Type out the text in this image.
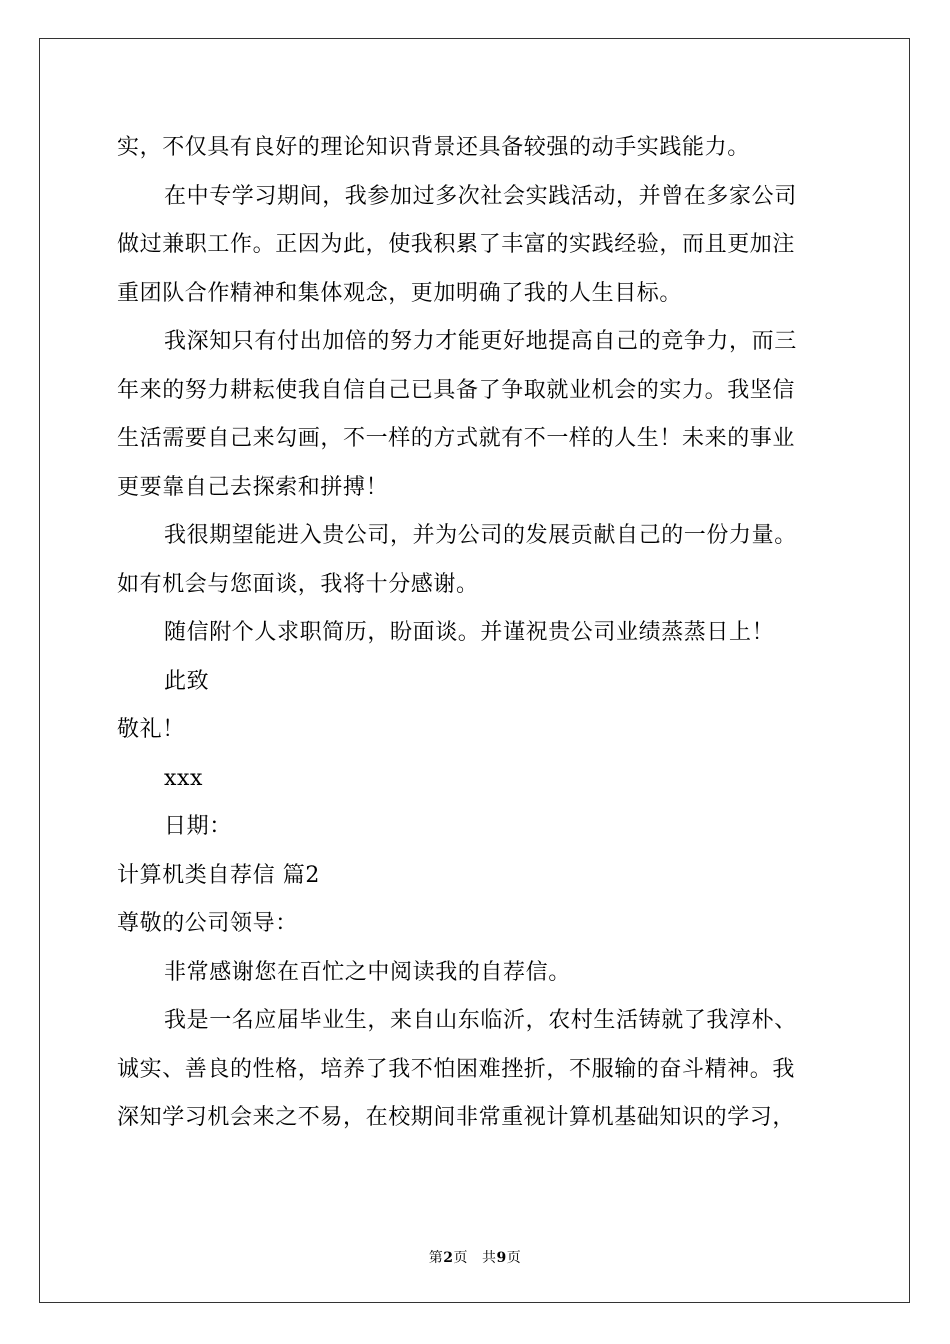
实，不仅具有良好的理论知识背景还具备较强的动手实践能力。
在中专学习期间，我参加过多次社会实践活动，并曾在多家公司
做过兼职工作。正因为此，使我积累了丰富的实践经验，而且更加注
重团队合作精神和集体观念，更加明确了我的人生目标。
我深知只有付出加倍的努力才能更好地提高自己的竞争力，而三
年来的努力耕耘使我自信自己已具备了争取就业机会的实力。我坚信
生活需要自己来勾画，不一样的方式就有不一样的人生！未来的事业
更要靠自己去探索和拼搏！
我很期望能进入贵公司，并为公司的发展贡献自己的一份力量。
如有机会与您面谈，我将十分感谢。
随信附个人求职简历，盼面谈。并谨祝贵公司业绩蒸蒸日上！
此致
敬礼！
xxx
日期：
计算机类自荐信 篇2
尊敬的公司领导：
非常感谢您在百忙之中阅读我的自荐信。
我是一名应届毕业生，来自山东临沂，农村生活铸就了我淳朴、
诚实、善良的性格，培养了我不怕困难挫折，不服输的奋斗精神。我
深知学习机会来之不易，在校期间非常重视计算机基础知识的学习，
第2页 共9页
